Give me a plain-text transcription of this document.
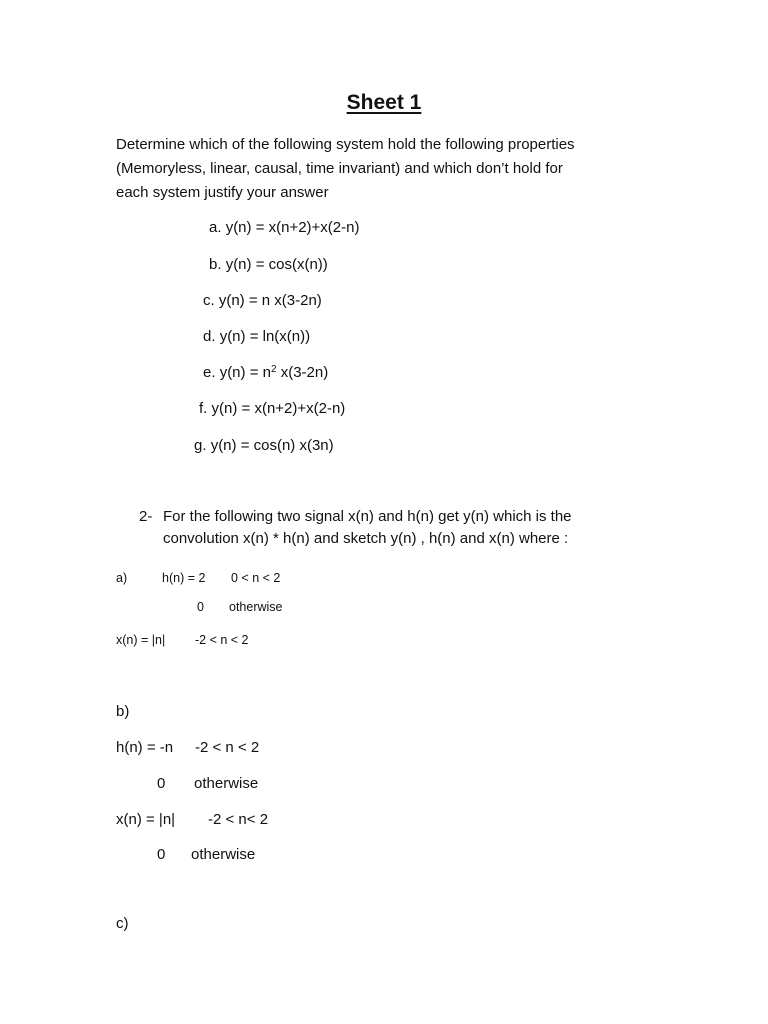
Sheet 1
Determine which of the following system hold the following properties
(Memoryless, linear, causal, time invariant) and which don’t hold for
each system justify your answer
a. y(n) = x(n+2)+x(2-n)
b. y(n) = cos(x(n))
c. y(n) = n x(3-2n)
d. y(n) = ln(x(n))
e. $y(n) = n^2$ x(3-2n)
f. y(n) = x(n+2)+x(2-n)
g. y(n) = cos(n) x(3n)
2- For the following two signal x(n) and h(n) get y(n) which is the
convolution x(n) * h(n) and sketch y(n) , h(n) and x(n) where :
a)	h(n) = 2 0 < n < 2
0 otherwise
x(n) = |n| -2 < n < 2
b)
h(n) = -n -2 < n < 2
0 otherwise
x(n) = |n| -2 < n< 2
0 otherwise
c)
